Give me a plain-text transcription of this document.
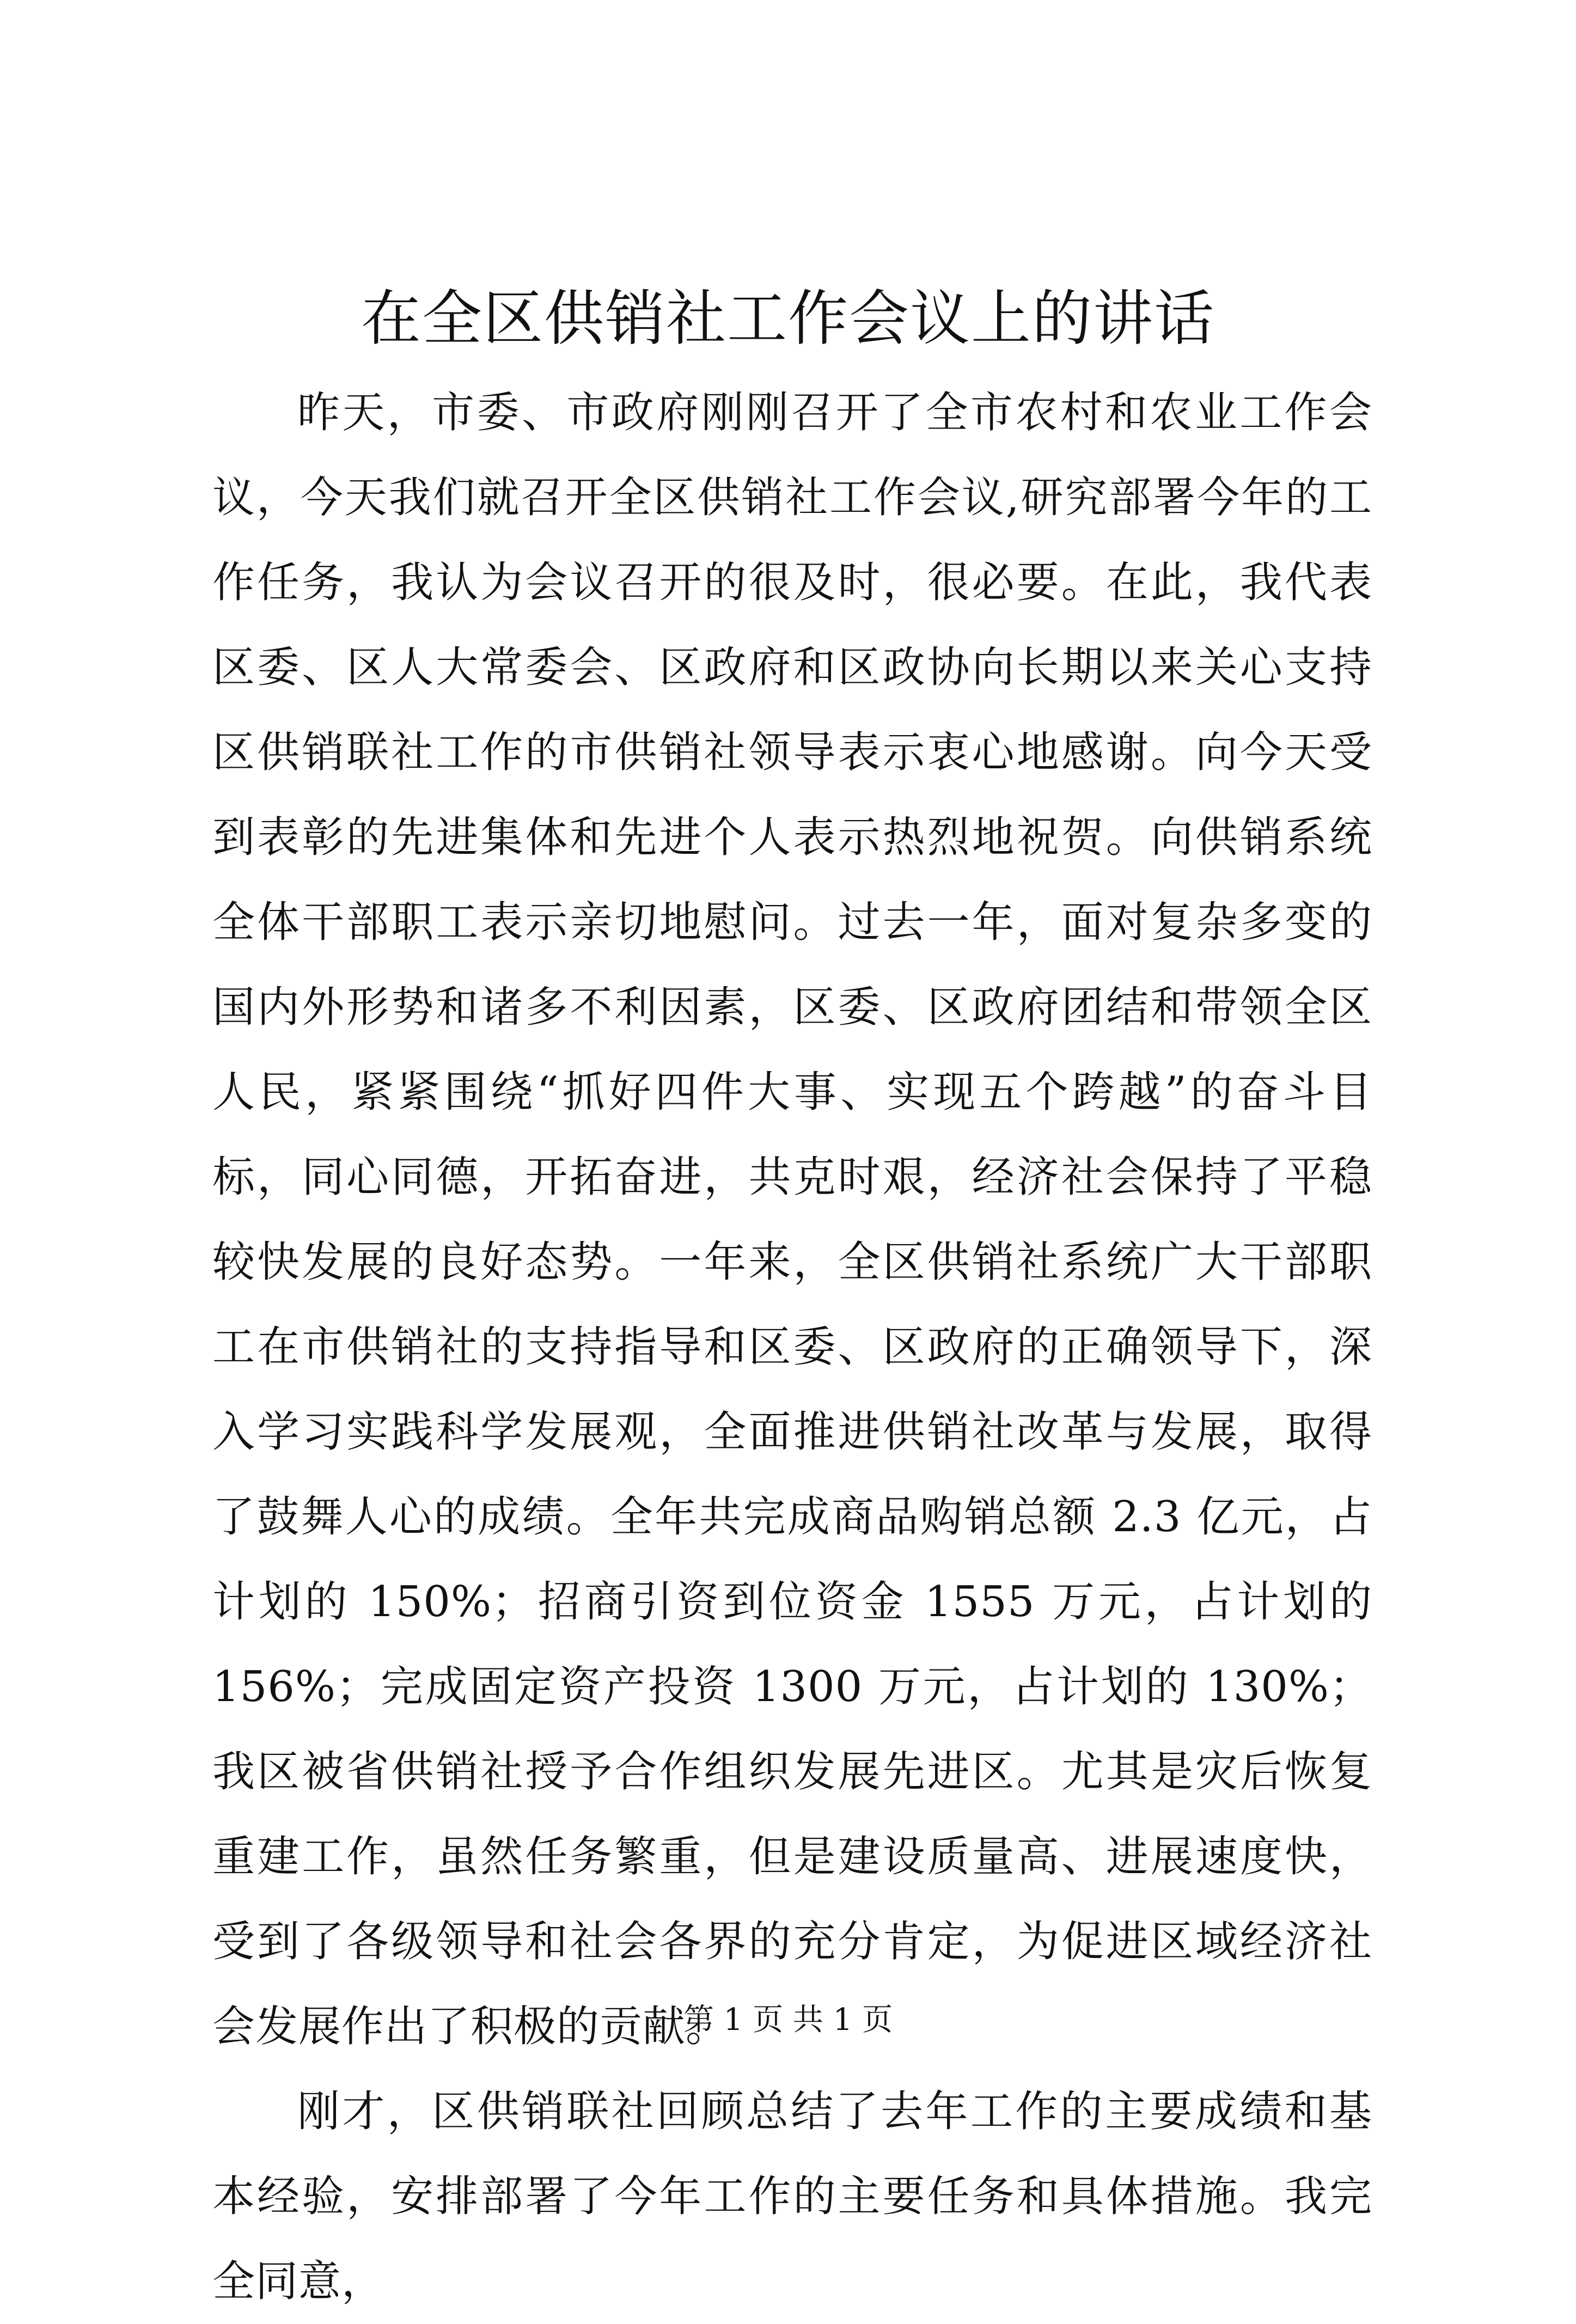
在全区供销社工作会议上的讲话

昨天，市委、市政府刚刚召开了全市农村和农业工作会议，今天我们就召开全区供销社工作会议,研究部署今年的工作任务，我认为会议召开的很及时，很必要。在此，我代表区委、区人大常委会、区政府和区政协向长期以来关心支持区供销联社工作的市供销社领导表示衷心地感谢。向今天受到表彰的先进集体和先进个人表示热烈地祝贺。向供销系统全体干部职工表示亲切地慰问。过去一年，面对复杂多变的国内外形势和诸多不利因素，区委、区政府团结和带领全区人民，紧紧围绕“抓好四件大事、实现五个跨越”的奋斗目标，同心同德，开拓奋进，共克时艰，经济社会保持了平稳较快发展的良好态势。一年来，全区供销社系统广大干部职工在市供销社的支持指导和区委、区政府的正确领导下，深入学习实践科学发展观，全面推进供销社改革与发展，取得了鼓舞人心的成绩。全年共完成商品购销总额 2.3 亿元，占计划的 150%；招商引资到位资金 1555 万元，占计划的 156%；完成固定资产投资 1300 万元，占计划的 130%；我区被省供销社授予合作组织发展先进区。尤其是灾后恢复重建工作，虽然任务繁重，但是建设质量高、进展速度快，受到了各级领导和社会各界的充分肯定，为促进区域经济社会发展作出了积极的贡献。

刚才，区供销联社回顾总结了去年工作的主要成绩和基本经验，安排部署了今年工作的主要任务和具体措施。我完全同意，

第 1 页 共 1 页
